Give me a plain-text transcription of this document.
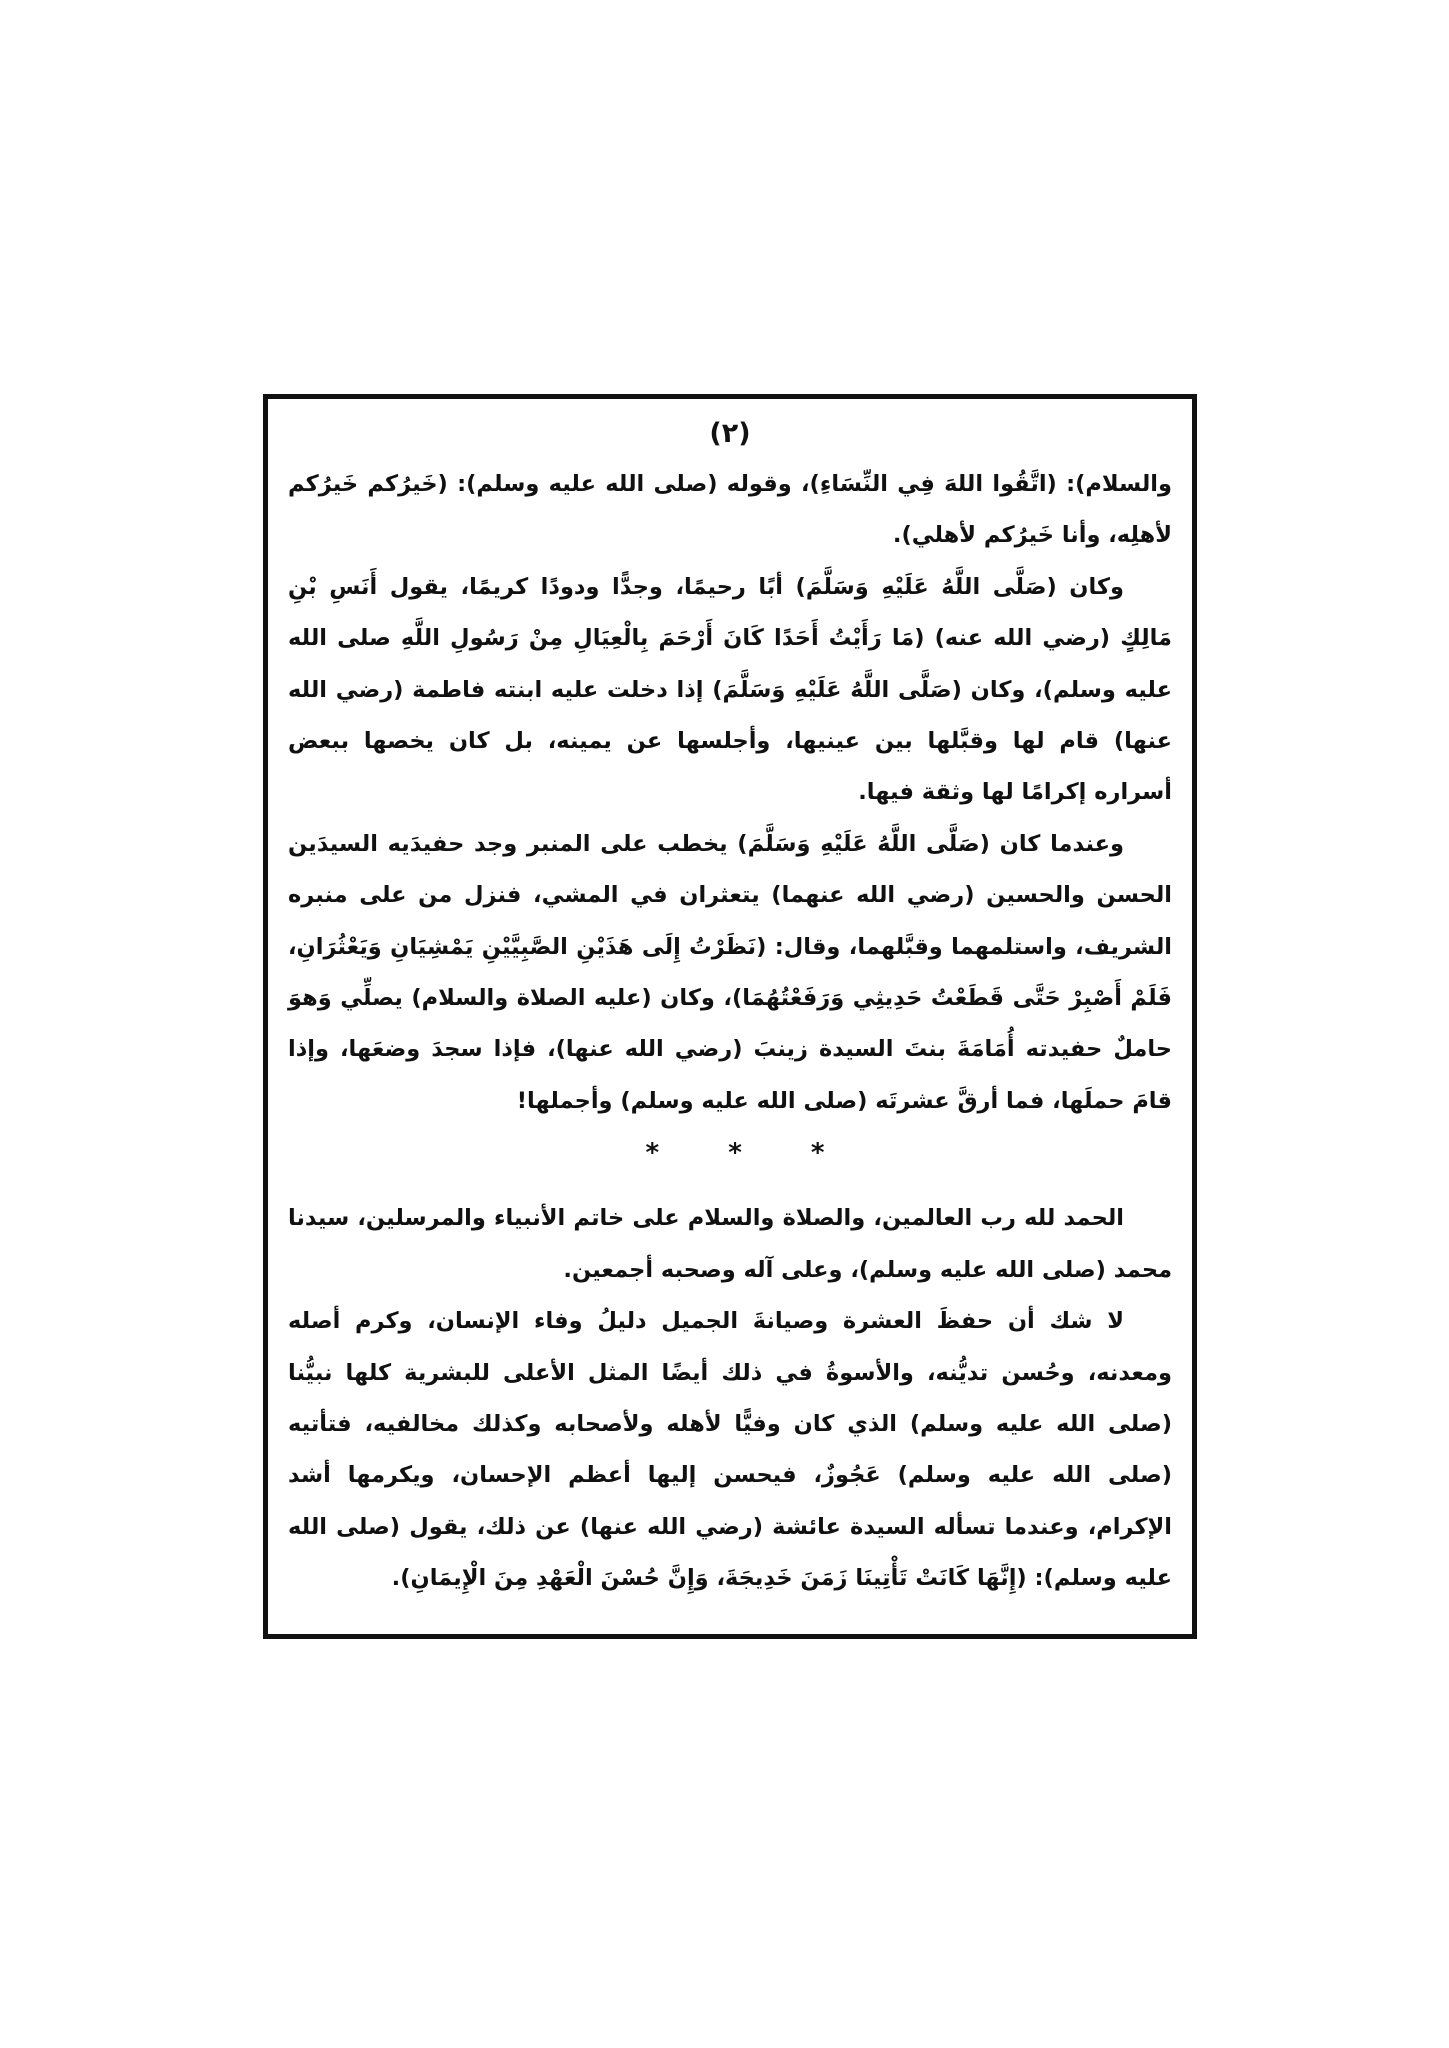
(٢)

والسلام): (اتَّقُوا اللهَ فِي النِّسَاءِ)، وقوله (صلى الله عليه وسلم): (خَيرُكم خَيرُكم لأهلِه، وأنا خَيرُكم لأهلي).

وكان (صَلَّى اللَّهُ عَلَيْهِ وَسَلَّمَ) أبًا رحيمًا، وجدًّا ودودًا كريمًا، يقول أَنَسِ بْنِ مَالِكٍ (رضي الله عنه) (مَا رَأَيْتُ أَحَدًا كَانَ أَرْحَمَ بِالْعِيَالِ مِنْ رَسُولِ اللَّهِ صلى الله عليه وسلم)، وكان (صَلَّى اللَّهُ عَلَيْهِ وَسَلَّمَ) إذا دخلت عليه ابنته فاطمة (رضي الله عنها) قام لها وقبَّلها بين عينيها، وأجلسها عن يمينه، بل كان يخصها ببعض أسراره إكرامًا لها وثقة فيها.

وعندما كان (صَلَّى اللَّهُ عَلَيْهِ وَسَلَّمَ) يخطب على المنبر وجد حفيدَيه السيدَين الحسن والحسين (رضي الله عنهما) يتعثران في المشي، فنزل من على منبره الشريف، واستلمهما وقبَّلهما، وقال: (نَظَرْتُ إِلَى هَذَيْنِ الصَّبِيَّيْنِ يَمْشِيَانِ وَيَعْثُرَانِ، فَلَمْ أَصْبِرْ حَتَّى قَطَعْتُ حَدِيثِي وَرَفَعْتُهُمَا)، وكان (عليه الصلاة والسلام) يصلِّي وَهوَ حاملٌ حفيدته أُمَامَةَ بنتَ السيدة زينبَ (رضي الله عنها)، فإذا سجدَ وضعَها، وإذا قامَ حملَها، فما أرقَّ عشرتَه (صلى الله عليه وسلم) وأجملها!

*	*	*

الحمد لله رب العالمين، والصلاة والسلام على خاتم الأنبياء والمرسلين، سيدنا محمد (صلى الله عليه وسلم)، وعلى آله وصحبه أجمعين.

لا شك أن حفظَ العشرة وصيانةَ الجميل دليلُ وفاء الإنسان، وكرم أصله ومعدنه، وحُسن تديُّنه، والأسوةُ في ذلك أيضًا المثل الأعلى للبشرية كلها نبيُّنا (صلى الله عليه وسلم) الذي كان وفيًّا لأهله ولأصحابه وكذلك مخالفيه، فتأتيه (صلى الله عليه وسلم) عَجُوزٌ، فيحسن إليها أعظم الإحسان، ويكرمها أشد الإكرام، وعندما تسأله السيدة عائشة (رضي الله عنها) عن ذلك، يقول (صلى الله عليه وسلم): (إِنَّهَا كَانَتْ تَأْتِينَا زَمَنَ خَدِيجَةَ، وَإِنَّ حُسْنَ الْعَهْدِ مِنَ الْإِيمَانِ).
